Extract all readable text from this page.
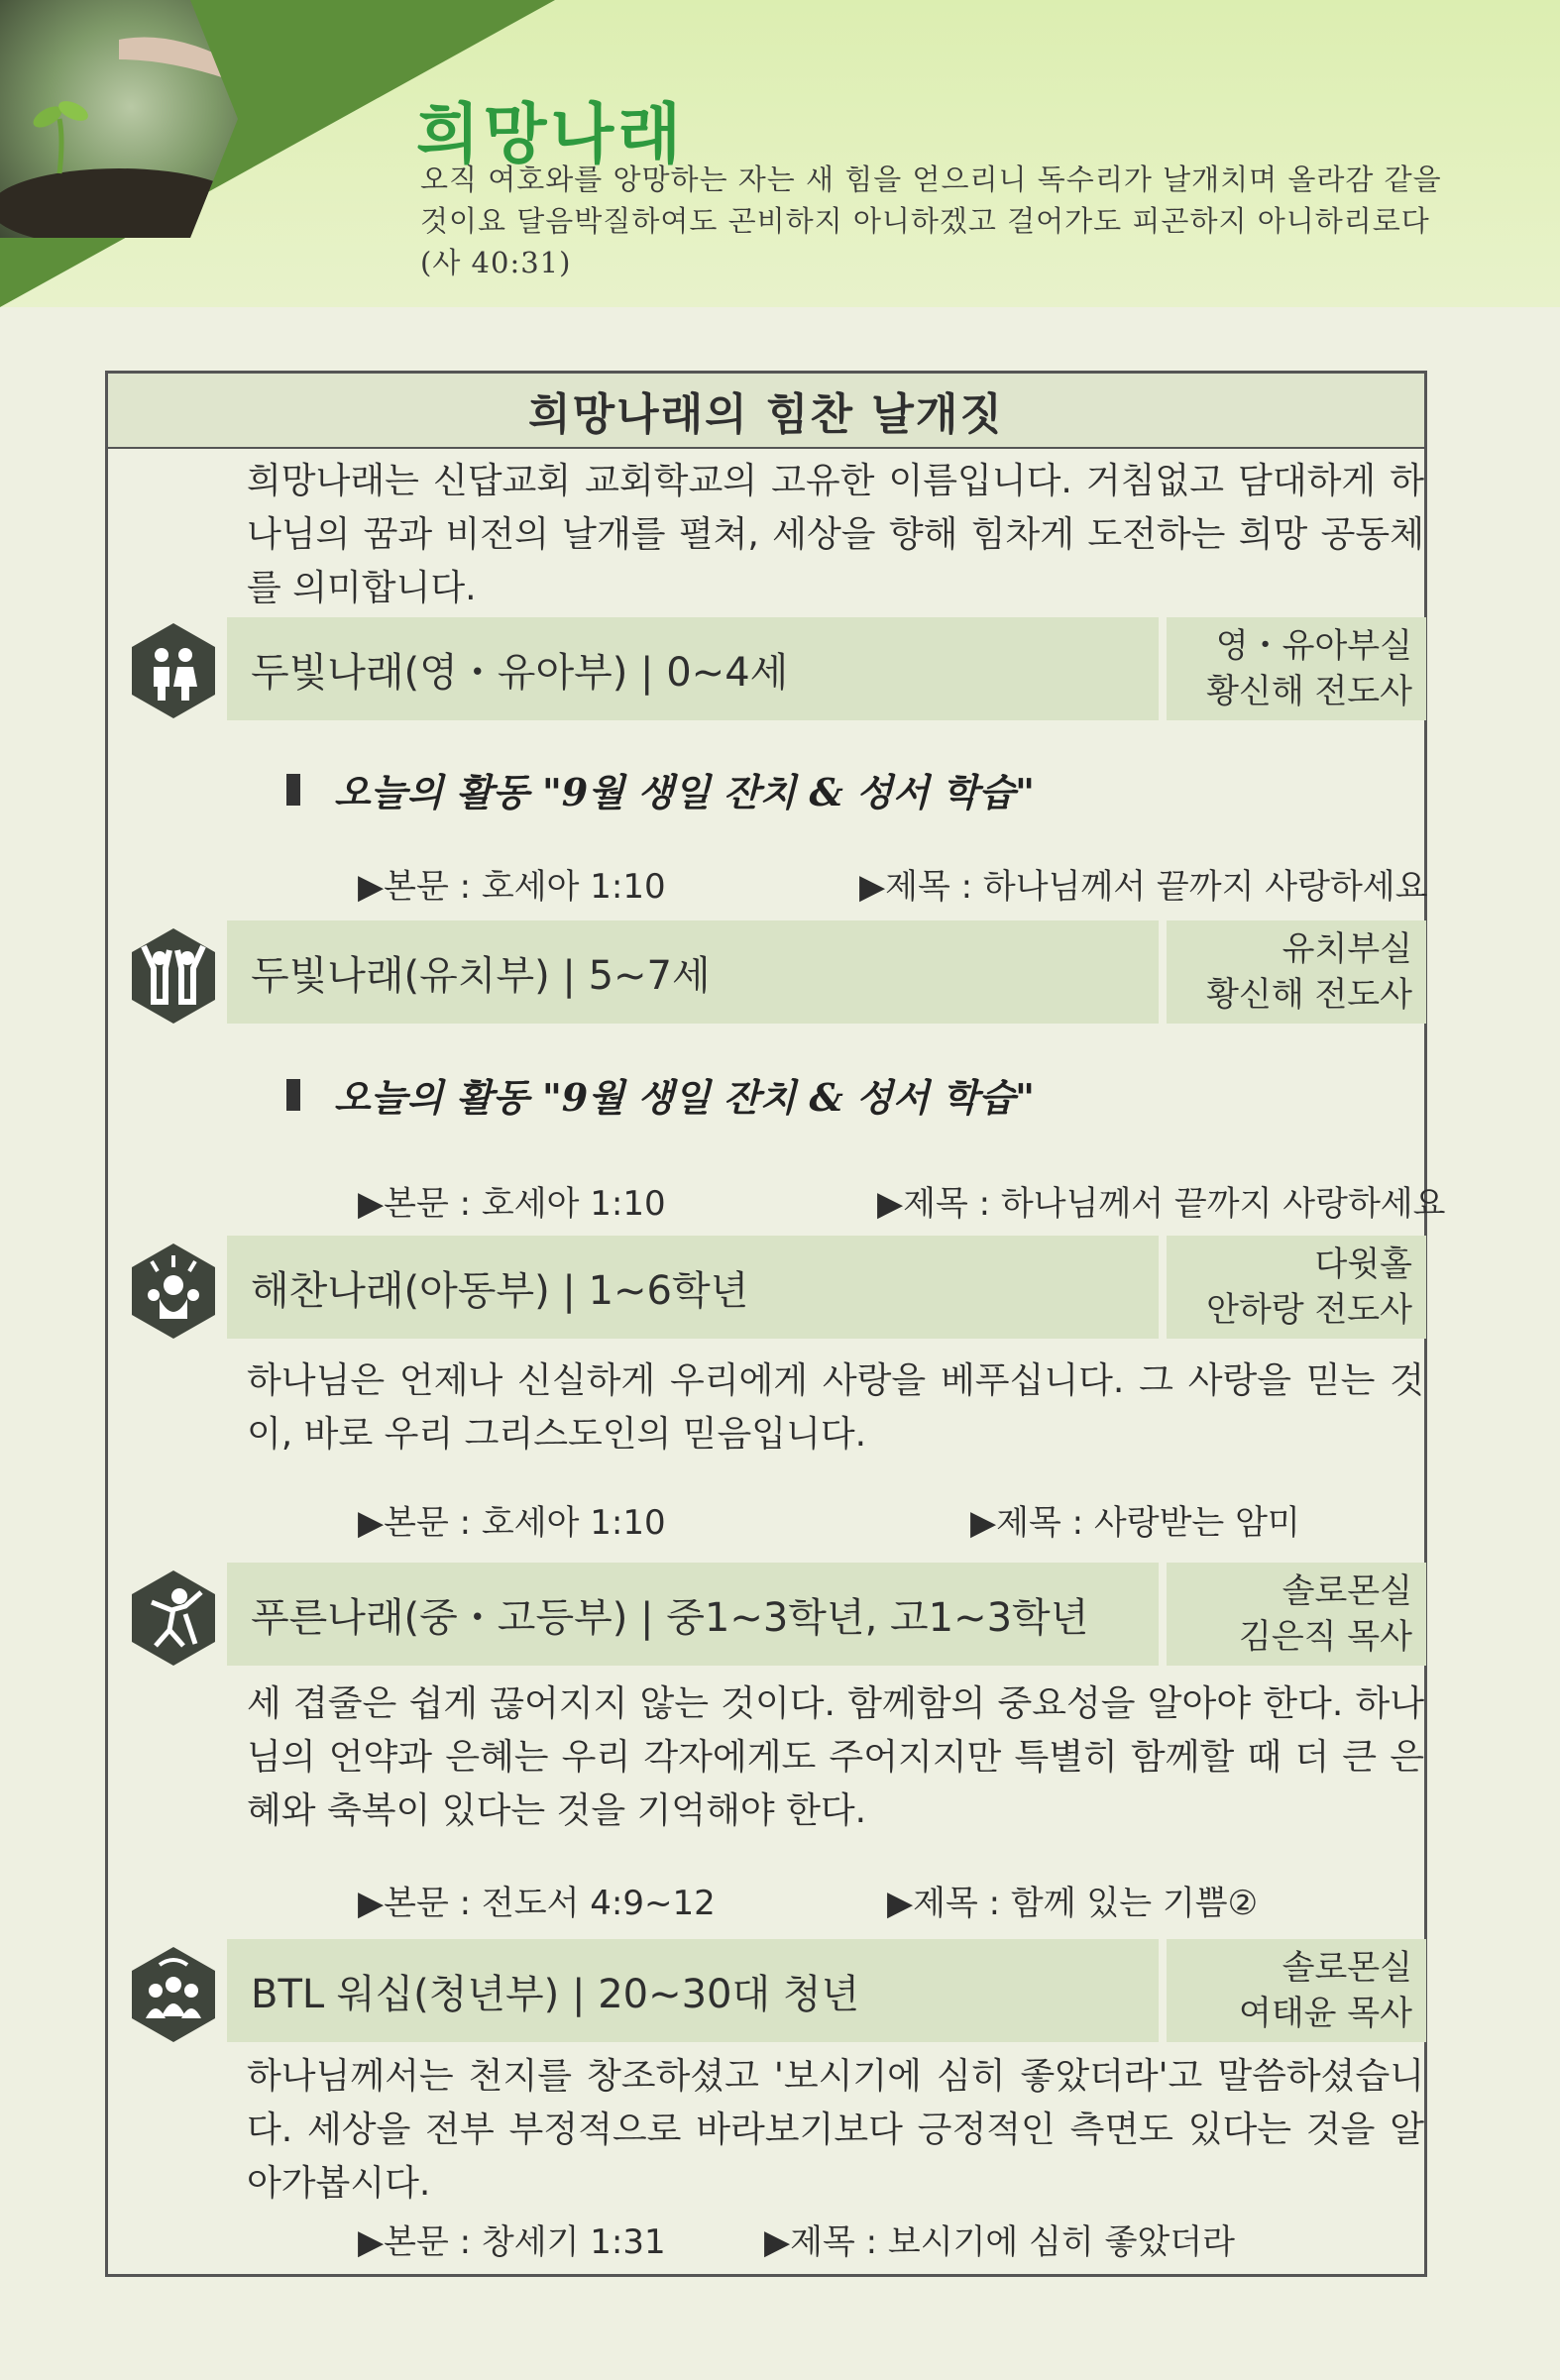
희망나래
오직 여호와를 앙망하는 자는 새 힘을 얻으리니 독수리가 날개치며 올라감 같을 것이요 달음박질하여도 곤비하지 아니하겠고 걸어가도 피곤하지 아니하리로다(사 40:31)
희망나래의 힘찬 날개짓
희망나래는 신답교회 교회학교의 고유한 이름입니다. 거침없고 담대하게 하나님의 꿈과 비전의 날개를 펼쳐, 세상을 향해 힘차게 도전하는 희망 공동체를 의미합니다.
두빛나래(영・유아부) | 0~4세
영・유아부실
황신해 전도사
오늘의 활동 "9월 생일 잔치 & 성서 학습"
▶본문 : 호세아 1:10	▶제목 : 하나님께서 끝까지 사랑하세요
두빛나래(유치부) | 5~7세
유치부실
황신해 전도사
오늘의 활동 "9월 생일 잔치 & 성서 학습"
▶본문 : 호세아 1:10	▶제목 : 하나님께서 끝까지 사랑하세요
해찬나래(아동부) | 1~6학년
다윗홀
안하랑 전도사
하나님은 언제나 신실하게 우리에게 사랑을 베푸십니다. 그 사랑을 믿는 것이, 바로 우리 그리스도인의 믿음입니다.
▶본문 : 호세아 1:10	▶제목 : 사랑받는 암미
푸른나래(중・고등부) | 중1~3학년, 고1~3학년
솔로몬실
김은직 목사
세 겹줄은 쉽게 끊어지지 않는 것이다. 함께함의 중요성을 알아야 한다. 하나님의 언약과 은혜는 우리 각자에게도 주어지지만 특별히 함께할 때 더 큰 은혜와 축복이 있다는 것을 기억해야 한다.
▶본문 : 전도서 4:9~12	▶제목 : 함께 있는 기쁨②
BTL 워십(청년부) | 20~30대 청년
솔로몬실
여태윤 목사
하나님께서는 천지를 창조하셨고 '보시기에 심히 좋았더라'고 말씀하셨습니다. 세상을 전부 부정적으로 바라보기보다 긍정적인 측면도 있다는 것을 알아가봅시다.
▶본문 : 창세기 1:31	▶제목 : 보시기에 심히 좋았더라
